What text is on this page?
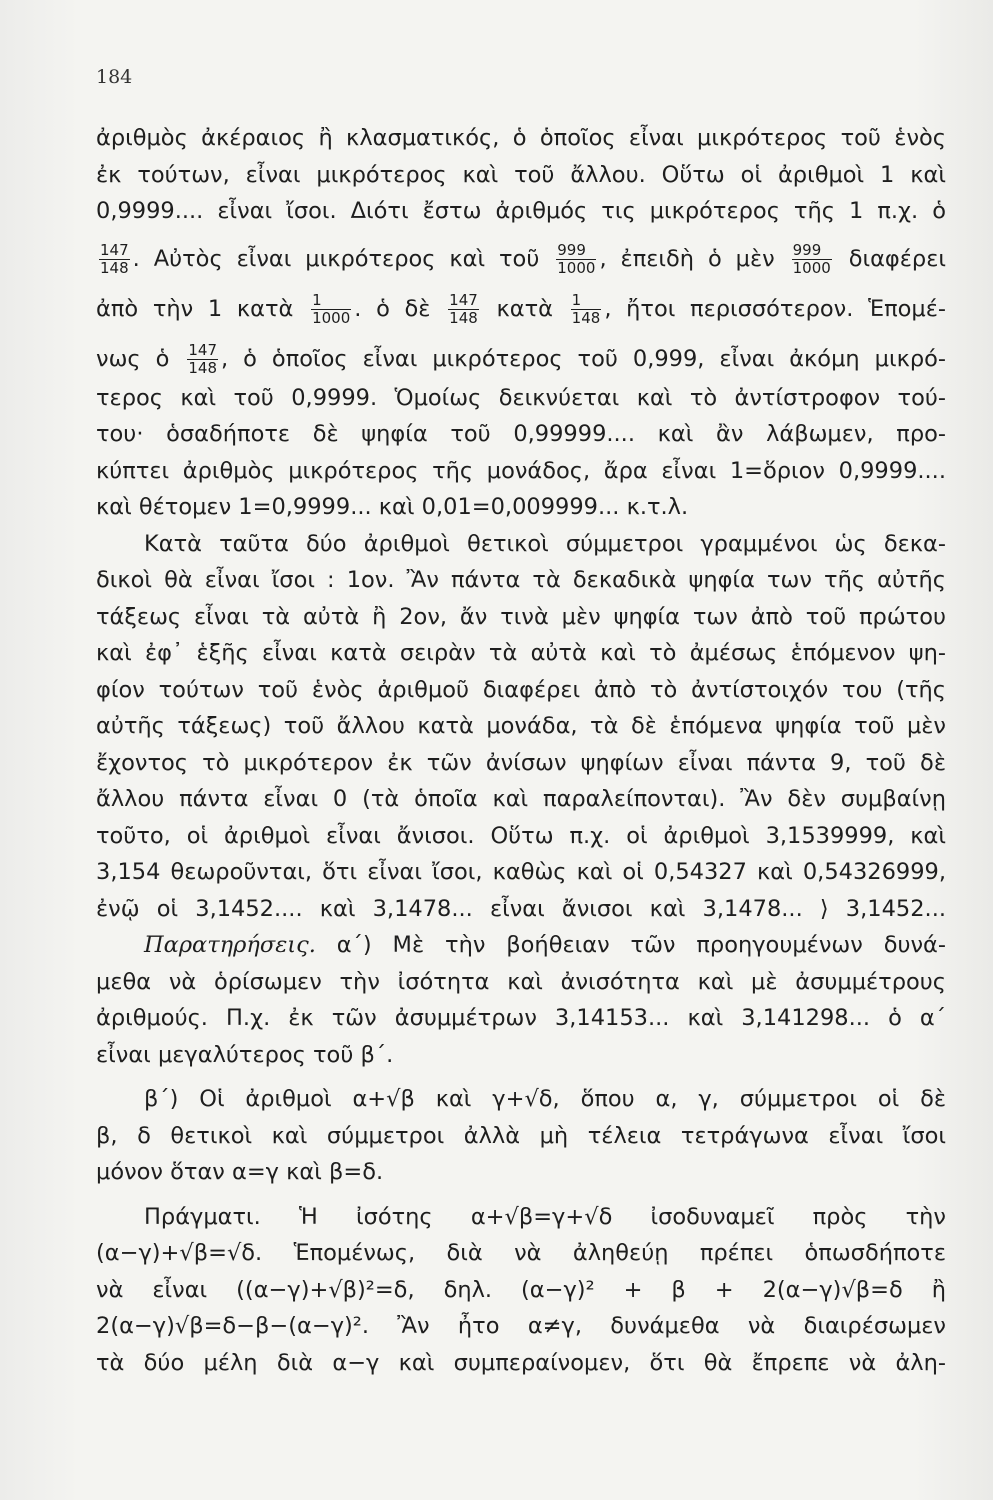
184
ἀριθμὸς ἀκέραιος ἢ κλασματικός, ὁ ὁποῖος εἶναι μικρότερος τοῦ ἑνὸς
ἐκ τούτων, εἶναι μικρότερος καὶ τοῦ ἄλλου. Οὕτω οἱ ἀριθμοὶ 1 καὶ
0,9999.... εἶναι ἴσοι. Διότι ἔστω ἀριθμός τις μικρότερος τῆς 1 π.χ. ὁ
$\frac{147}{148}$ . Αὐτὸς εἶναι μικρότερος καὶ τοῦ $\frac{999}{1000}$ , ἐπειδὴ ὁ μὲν $\frac{999}{1000}$ διαφέρει
ἀπὸ τὴν 1 κατὰ $\frac{1}{1000}$ . ὁ δὲ $\frac{147}{148}$ κατὰ $\frac{1}{148}$ , ἤτοι περισσότερον. Ἑπομέ-
νως ὁ $\frac{147}{148}$ , ὁ ὁποῖος εἶναι μικρότερος τοῦ 0,999, εἶναι ἀκόμη μικρό-
τερος καὶ τοῦ 0,9999. Ὁμοίως δεικνύεται καὶ τὸ ἀντίστροφον τού-
του· ὁσαδήποτε δὲ ψηφία τοῦ 0,99999.... καὶ ἂν λάβωμεν, προ-
κύπτει ἀριθμὸς μικρότερος τῆς μονάδος, ἄρα εἶναι 1=ὅριον 0,9999....
καὶ θέτομεν 1=0,9999... καὶ 0,01=0,009999... κ.τ.λ.
Κατὰ ταῦτα δύο ἀριθμοὶ θετικοὶ σύμμετροι γραμμένοι ὡς δεκα-
δικοὶ θὰ εἶναι ἴσοι : 1ον. Ἂν πάντα τὰ δεκαδικὰ ψηφία των τῆς αὐτῆς
τάξεως εἶναι τὰ αὐτὰ ἢ 2ον, ἄν τινὰ μὲν ψηφία των ἀπὸ τοῦ πρώτου
καὶ ἐφ᾽ ἑξῆς εἶναι κατὰ σειρὰν τὰ αὐτὰ καὶ τὸ ἀμέσως ἑπόμενον ψη-
φίον τούτων τοῦ ἑνὸς ἀριθμοῦ διαφέρει ἀπὸ τὸ ἀντίστοιχόν του (τῆς
αὐτῆς τάξεως) τοῦ ἄλλου κατὰ μονάδα, τὰ δὲ ἑπόμενα ψηφία τοῦ μὲν
ἔχοντος τὸ μικρότερον ἐκ τῶν ἀνίσων ψηφίων εἶναι πάντα 9, τοῦ δὲ
ἄλλου πάντα εἶναι 0 (τὰ ὁποῖα καὶ παραλείπονται). Ἂν δὲν συμβαίνῃ
τοῦτο, οἱ ἀριθμοὶ εἶναι ἄνισοι. Οὕτω π.χ. οἱ ἀριθμοὶ 3,1539999, καὶ
3,154 θεωροῦνται, ὅτι εἶναι ἴσοι, καθὼς καὶ οἱ 0,54327 καὶ 0,54326999,
ἐνῷ οἱ 3,1452.... καὶ 3,1478... εἶναι ἄνισοι καὶ 3,1478... ⟩ 3,1452...
Παρατηρήσεις. α΄) Μὲ τὴν βοήθειαν τῶν προηγουμένων δυνά-
μεθα νὰ ὁρίσωμεν τὴν ἰσότητα καὶ ἀνισότητα καὶ μὲ ἀσυμμέτρους
ἀριθμούς. Π.χ. ἐκ τῶν ἀσυμμέτρων 3,14153... καὶ 3,141298... ὁ α΄
εἶναι μεγαλύτερος τοῦ β΄.
β΄) Οἱ ἀριθμοὶ α+√β καὶ γ+√δ, ὅπου α, γ, σύμμετροι οἱ δὲ
β, δ θετικοὶ καὶ σύμμετροι ἀλλὰ μὴ τέλεια τετράγωνα εἶναι ἴσοι
μόνον ὅταν α=γ καὶ β=δ.
Πράγματι. Ἡ ἰσότης α+√β=γ+√δ ἰσοδυναμεῖ πρὸς τὴν
(α−γ)+√β=√δ. Ἑπομένως, διὰ νὰ ἀληθεύῃ πρέπει ὁπωσδήποτε
νὰ εἶναι ((α−γ)+√β)²=δ, δηλ. (α−γ)² + β + 2(α−γ)√β=δ ἢ
2(α−γ)√β=δ−β−(α−γ)². Ἂν ἦτο α≠γ, δυνάμεθα νὰ διαιρέσωμεν
τὰ δύο μέλη διὰ α−γ καὶ συμπεραίνομεν, ὅτι θὰ ἔπρεπε νὰ ἀλη-
